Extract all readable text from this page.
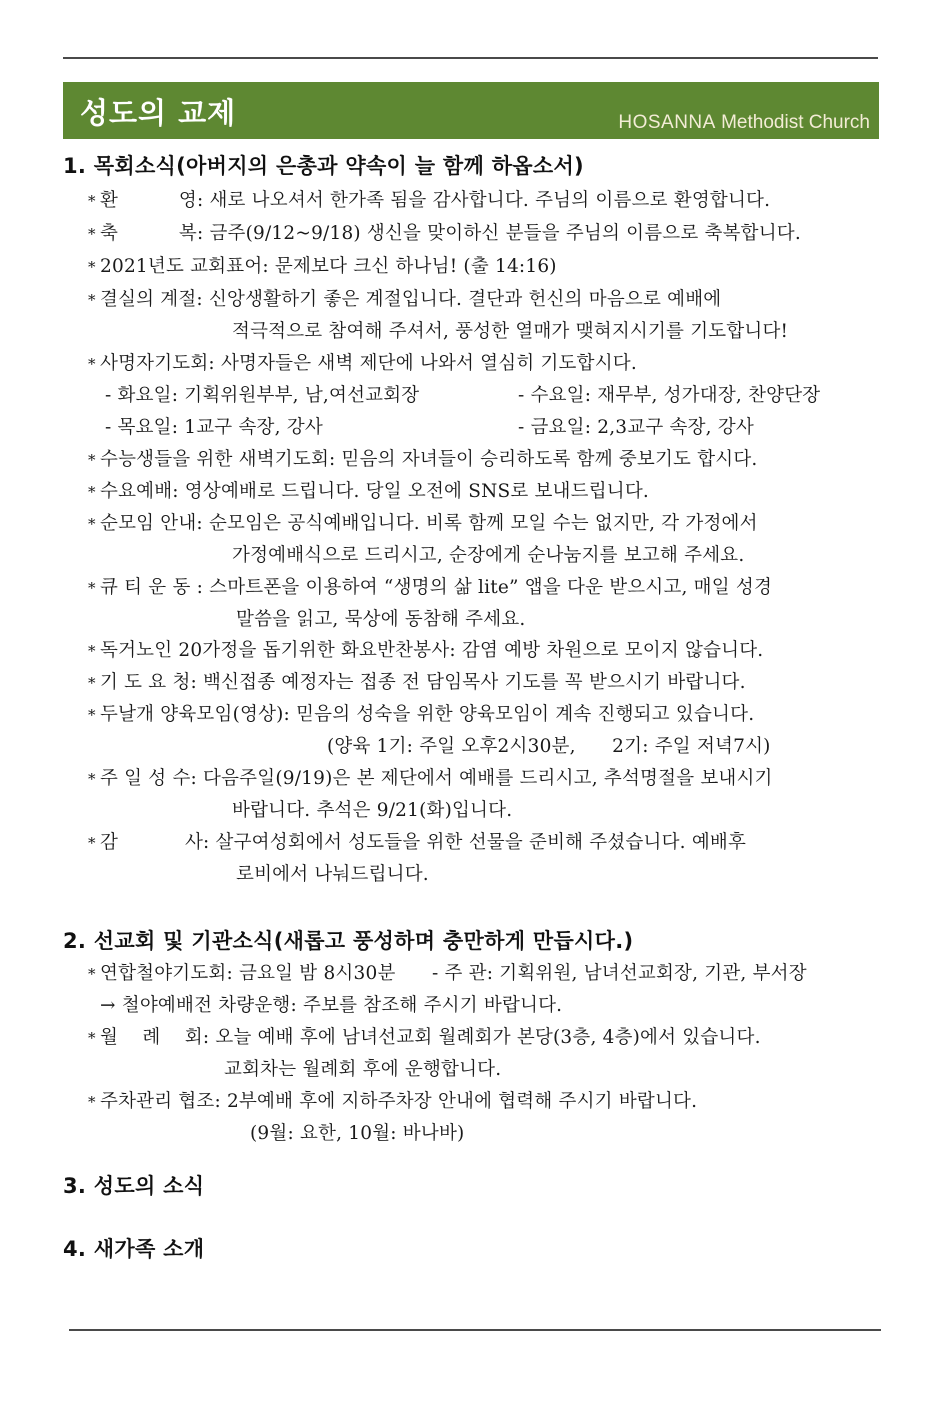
성도의 교제	HOSANNA Methodist Church
1. 목회소식(아버지의 은총과 약속이 늘 함께 하옵소서)
* 환          영: 새로 나오셔서 한가족 됨을 감사합니다. 주님의 이름으로 환영합니다.
* 축          복: 금주(9/12~9/18) 생신을 맞이하신 분들을 주님의 이름으로 축복합니다.
* 2021년도 교회표어: 문제보다 크신 하나님! (출 14:16)
* 결실의 계절: 신앙생활하기 좋은 계절입니다. 결단과 헌신의 마음으로 예배에
적극적으로 참여해 주셔서, 풍성한 열매가 맺혀지시기를 기도합니다!
* 사명자기도회: 사명자들은 새벽 제단에 나와서 열심히 기도합시다.
- 화요일: 기획위원부부, 남,여선교회장	- 수요일: 재무부, 성가대장, 찬양단장
- 목요일: 1교구 속장, 강사	- 금요일: 2,3교구 속장, 강사
* 수능생들을 위한 새벽기도회: 믿음의 자녀들이 승리하도록 함께 중보기도 합시다.
* 수요예배: 영상예배로 드립니다. 당일 오전에 SNS로 보내드립니다.
* 순모임 안내: 순모임은 공식예배입니다. 비록 함께 모일 수는 없지만, 각 가정에서
가정예배식으로 드리시고, 순장에게 순나눔지를 보고해 주세요.
* 큐 티 운 동 : 스마트폰을 이용하여 “생명의 삶 lite” 앱을 다운 받으시고, 매일 성경
말씀을 읽고, 묵상에 동참해 주세요.
* 독거노인 20가정을 돕기위한 화요반찬봉사: 감염 예방 차원으로 모이지 않습니다.
* 기 도 요 청: 백신접종 예정자는 접종 전 담임목사 기도를 꼭 받으시기 바랍니다.
* 두날개 양육모임(영상): 믿음의 성숙을 위한 양육모임이 계속 진행되고 있습니다.
(양육 1기: 주일 오후2시30분,      2기: 주일 저녁7시)
* 주 일 성 수: 다음주일(9/19)은 본 제단에서 예배를 드리시고, 추석명절을 보내시기
바랍니다. 추석은 9/21(화)입니다.
* 감           사: 살구여성회에서 성도들을 위한 선물을 준비해 주셨습니다. 예배후
로비에서 나눠드립니다.
2. 선교회 및 기관소식(새롭고 풍성하며 충만하게 만듭시다.)
* 연합철야기도회: 금요일 밤 8시30분      - 주 관: 기획위원, 남녀선교회장, 기관, 부서장
→ 철야예배전 차량운행: 주보를 참조해 주시기 바랍니다.
* 월    례    회: 오늘 예배 후에 남녀선교회 월례회가 본당(3층, 4층)에서 있습니다.
교회차는 월례회 후에 운행합니다.
* 주차관리 협조: 2부예배 후에 지하주차장 안내에 협력해 주시기 바랍니다.
(9월: 요한, 10월: 바나바)
3. 성도의 소식
4. 새가족 소개
